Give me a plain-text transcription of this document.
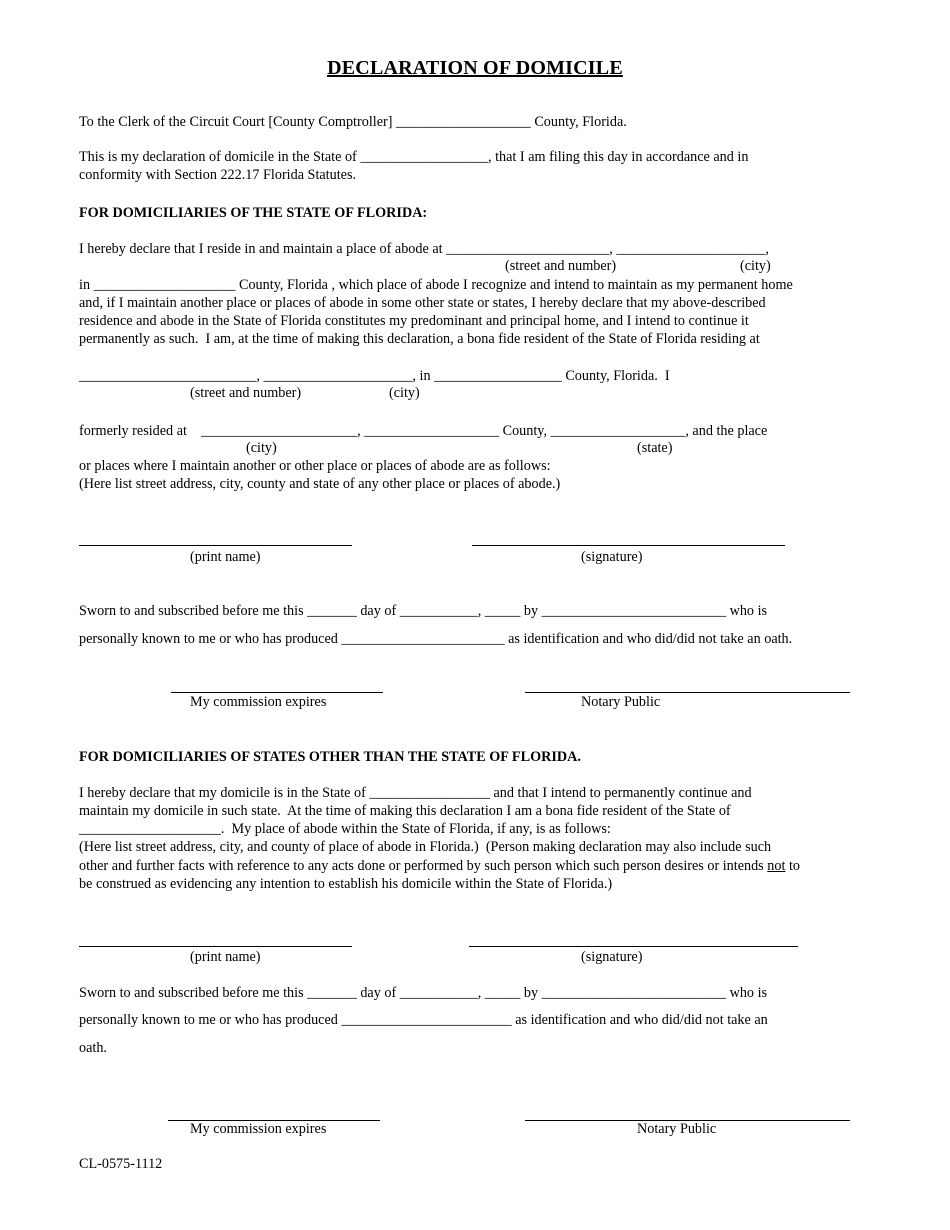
DECLARATION OF DOMICILE
To the Clerk of the Circuit Court [County Comptroller] ___________________ County, Florida.
This is my declaration of domicile in the State of __________________, that I am filing this day in accordance and in
conformity with Section 222.17 Florida Statutes.
FOR DOMICILIARIES OF THE STATE OF FLORIDA:
I hereby declare that I reside in and maintain a place of abode at _______________________, _____________________,
(street and number)	(city)
in ____________________ County, Florida , which place of abode I recognize and intend to maintain as my permanent home
and, if I maintain another place or places of abode in some other state or states, I hereby declare that my above-described
residence and abode in the State of Florida constitutes my predominant and principal home, and I intend to continue it
permanently as such.  I am, at the time of making this declaration, a bona fide resident of the State of Florida residing at
_________________________, _____________________, in __________________ County, Florida.  I
(street and number)	(city)
formerly resided at    ______________________, ___________________ County, ___________________, and the place
(city)	(state)
or places where I maintain another or other place or places of abode are as follows:
(Here list street address, city, county and state of any other place or places of abode.)
(print name)	(signature)
Sworn to and subscribed before me this _______ day of ___________, _____ by __________________________ who is
personally known to me or who has produced _______________________ as identification and who did/did not take an oath.
My commission expires	Notary Public
FOR DOMICILIARIES OF STATES OTHER THAN THE STATE OF FLORIDA.
I hereby declare that my domicile is in the State of _________________ and that I intend to permanently continue and
maintain my domicile in such state.  At the time of making this declaration I am a bona fide resident of the State of
____________________.  My place of abode within the State of Florida, if any, is as follows:
(Here list street address, city, and county of place of abode in Florida.)  (Person making declaration may also include such
other and further facts with reference to any acts done or performed by such person which such person desires or intends not to
be construed as evidencing any intention to establish his domicile within the State of Florida.)
(print name)	(signature)
Sworn to and subscribed before me this _______ day of ___________, _____ by __________________________ who is
personally known to me or who has produced ________________________ as identification and who did/did not take an
oath.
My commission expires	Notary Public
CL-0575-1112
